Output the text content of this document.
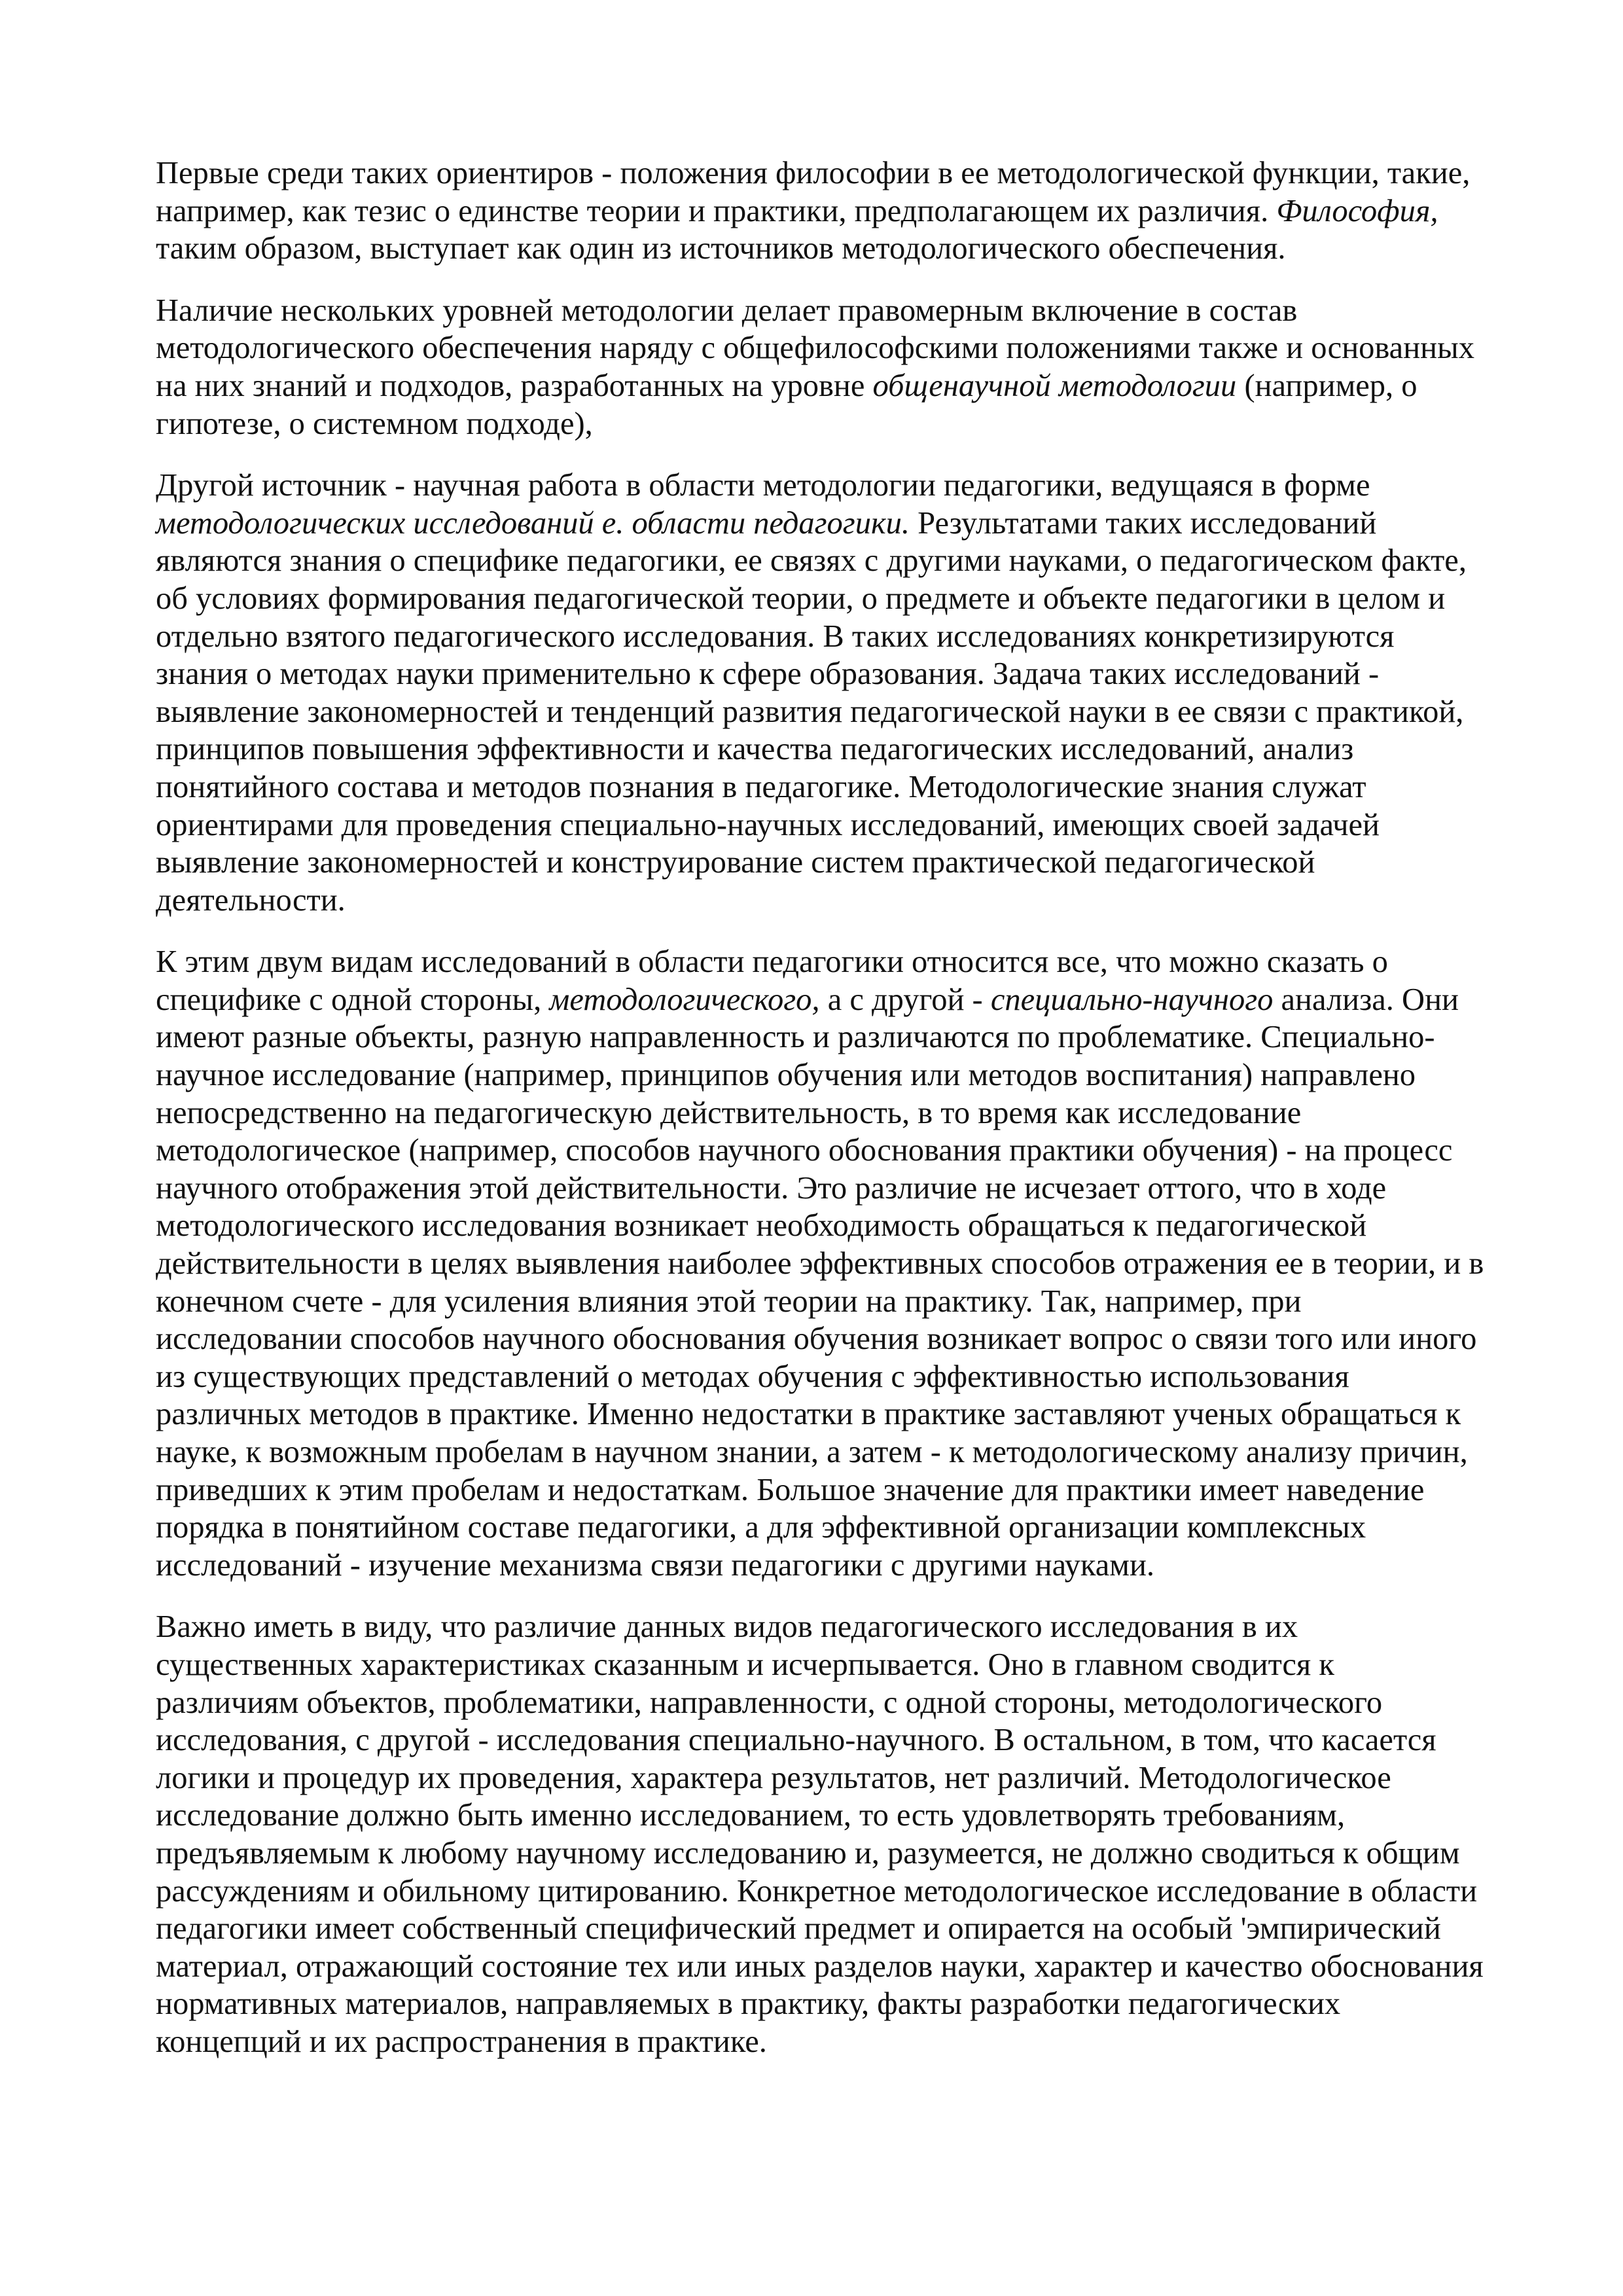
Первые среди таких ориентиров - положения философии в ее методологической функции, такие, например, как тезис о единстве теории и практики, предполагающем их различия. Философия, таким образом, выступает как один из источников методологического обеспечения.

Наличие нескольких уровней методологии делает правомерным включение в состав методологического обеспечения наряду с общефилософскими положениями также и основанных на них знаний и подходов, разработанных на уровне общенаучной методологии (например, о гипотезе, о системном подходе),

Другой источник - научная работа в области методологии педагогики, ведущаяся в форме методологических исследований е. области педагогики. Результатами таких исследований являются знания о специфике педагогики, ее связях с другими науками, о педагогическом факте, об условиях формирования педагогической теории, о предмете и объекте педагогики в целом и отдельно взятого педагогического исследования. В таких исследованиях конкретизируются знания о методах науки применительно к сфере образования. Задача таких исследований - выявление закономерностей и тенденций развития педагогической науки в ее связи с практикой, принципов повышения эффективности и качества педагогических исследований, анализ понятийного состава и методов познания в педагогике. Методологические знания служат ориентирами для проведения специально-научных исследований, имеющих своей задачей выявление закономерностей и конструирование систем практической педагогической деятельности.

К этим двум видам исследований в области педагогики относится все, что можно сказать о специфике с одной стороны, методологического, а с другой - специально-научного анализа. Они имеют разные объекты, разную направленность и различаются по проблематике. Специально-научное исследование (например, принципов обучения или методов воспитания) направлено непосредственно на педагогическую действительность, в то время как исследование методологическое (например, способов научного обоснования практики обучения) - на процесс научного отображения этой действительности. Это различие не исчезает оттого, что в ходе методологического исследования возникает необходимость обращаться к педагогической действительности в целях выявления наиболее эффективных способов отражения ее в теории, и в конечном счете - для усиления влияния этой теории на практику. Так, например, при исследовании способов научного обоснования обучения возникает вопрос о связи того или иного из существующих представлений о методах обучения с эффективностью использования различных методов в практике. Именно недостатки в практике заставляют ученых обращаться к науке, к возможным пробелам в научном знании, а затем - к методологическому анализу причин, приведших к этим пробелам и недостаткам. Большое значение для практики имеет наведение порядка в понятийном составе педагогики, а для эффективной организации комплексных исследований - изучение механизма связи педагогики с другими науками.

Важно иметь в виду, что различие данных видов педагогического исследования в их существенных характеристиках сказанным и исчерпывается. Оно в главном сводится к различиям объектов, проблематики, направленности, с одной стороны, методологического исследования, с другой - исследования специально-научного. В остальном, в том, что касается логики и процедур их проведения, характера результатов, нет различий. Методологическое исследование должно быть именно исследованием, то есть удовлетворять требованиям, предъявляемым к любому научному исследованию и, разумеется, не должно сводиться к общим рассуждениям и обильному цитированию. Конкретное методологическое исследование в области педагогики имеет собственный специфический предмет и опирается на особый 'эмпирический материал, отражающий состояние тех или иных разделов науки, характер и качество обоснования нормативных материалов, направляемых в практику, факты разработки педагогических концепций и их распространения в практике.
